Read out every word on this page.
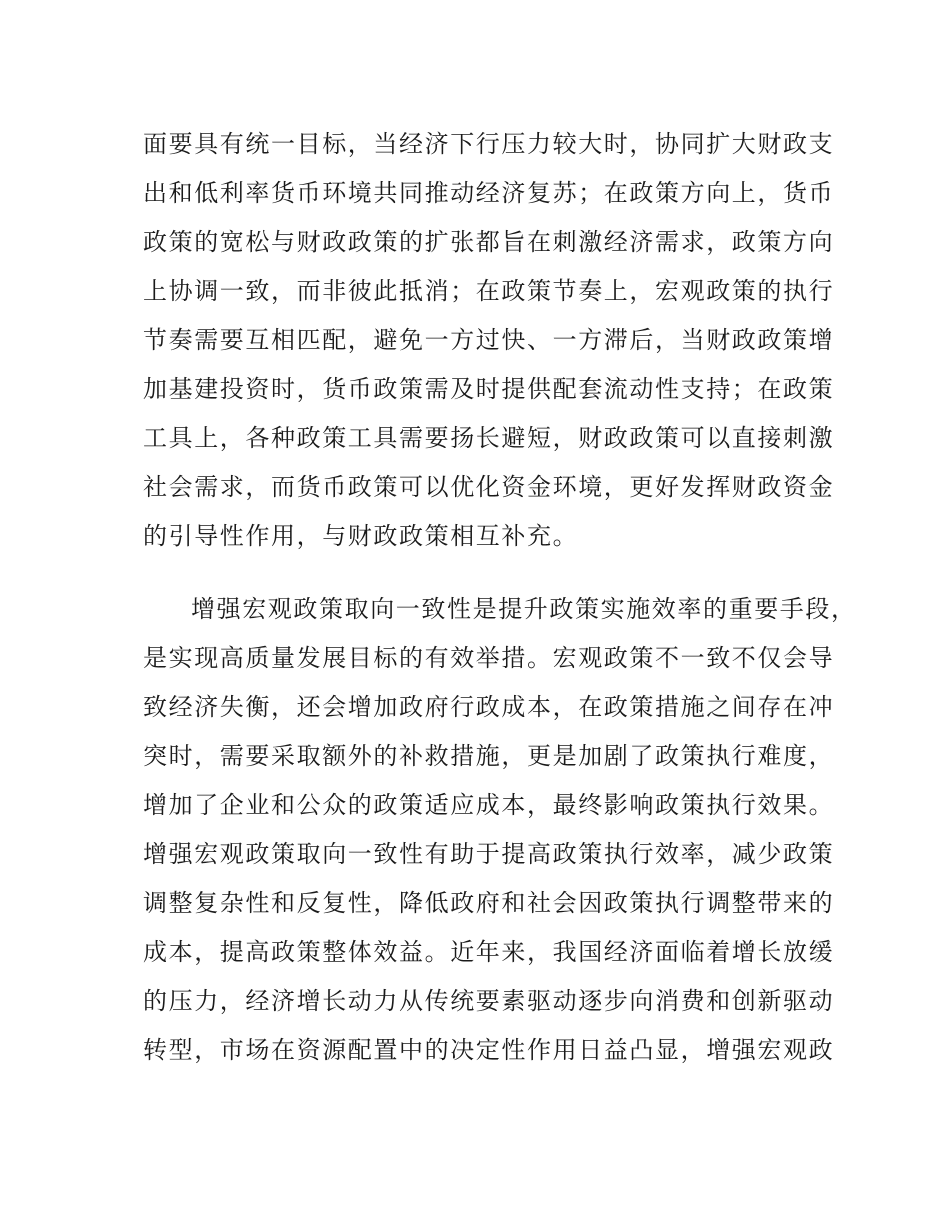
面要具有统一目标，当经济下行压力较大时，协同扩大财政支
出和低利率货币环境共同推动经济复苏；在政策方向上，货币
政策的宽松与财政政策的扩张都旨在刺激经济需求，政策方向
上协调一致，而非彼此抵消；在政策节奏上，宏观政策的执行
节奏需要互相匹配，避免一方过快、一方滞后，当财政政策增
加基建投资时，货币政策需及时提供配套流动性支持；在政策
工具上，各种政策工具需要扬长避短，财政政策可以直接刺激
社会需求，而货币政策可以优化资金环境，更好发挥财政资金
的引导性作用，与财政政策相互补充。
增强宏观政策取向一致性是提升政策实施效率的重要手段，
是实现高质量发展目标的有效举措。宏观政策不一致不仅会导
致经济失衡，还会增加政府行政成本，在政策措施之间存在冲
突时，需要采取额外的补救措施，更是加剧了政策执行难度，
增加了企业和公众的政策适应成本，最终影响政策执行效果。
增强宏观政策取向一致性有助于提高政策执行效率，减少政策
调整复杂性和反复性，降低政府和社会因政策执行调整带来的
成本，提高政策整体效益。近年来，我国经济面临着增长放缓
的压力，经济增长动力从传统要素驱动逐步向消费和创新驱动
转型，市场在资源配置中的决定性作用日益凸显，增强宏观政
